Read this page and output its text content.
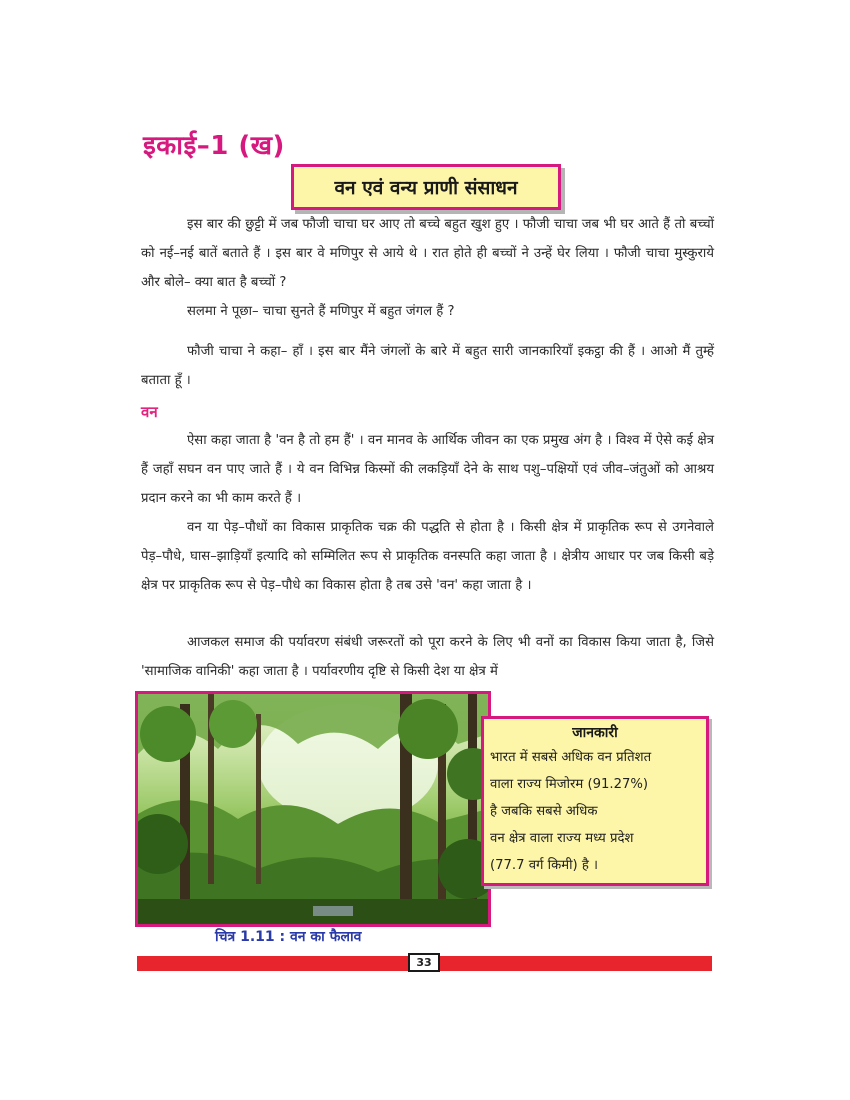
इकाई–1 (ख)
वन एवं वन्य प्राणी संसाधन

इस बार की छुट्टी में जब फौजी चाचा घर आए तो बच्चे बहुत खुश हुए । फौजी चाचा जब भी घर आते हैं तो बच्चों को नई–नई बातें बताते हैं । इस बार वे मणिपुर से आये थे । रात होते ही बच्चों ने उन्हें घेर लिया । फौजी चाचा मुस्कुराये और बोले– क्या बात है बच्चों ?

सलमा ने पूछा– चाचा सुनते हैं मणिपुर में बहुत जंगल हैं ?

फौजी चाचा ने कहा– हाँ । इस बार मैंने जंगलों के बारे में बहुत सारी जानकारियाँ इकट्ठा की हैं । आओ मैं तुम्हें बताता हूँ ।

वन

ऐसा कहा जाता है 'वन है तो हम हैं' । वन मानव के आर्थिक जीवन का एक प्रमुख अंग है । विश्व में ऐसे कई क्षेत्र हैं जहाँ सघन वन पाए जाते हैं । ये वन विभिन्न किस्मों की लकड़ियाँ देने के साथ पशु–पक्षियों एवं जीव–जंतुओं को आश्रय प्रदान करने का भी काम करते हैं ।

वन या पेड़–पौधों का विकास प्राकृतिक चक्र की पद्धति से होता है । किसी क्षेत्र में प्राकृतिक रूप से उगनेवाले पेड़–पौधे, घास–झाड़ियाँ इत्यादि को सम्मिलित रूप से प्राकृतिक वनस्पति कहा जाता है । क्षेत्रीय आधार पर जब किसी बड़े क्षेत्र पर प्राकृतिक रूप से पेड़–पौधे का विकास होता है तब उसे 'वन' कहा जाता है ।

आजकल समाज की पर्यावरण संबंधी जरूरतों को पूरा करने के लिए भी वनों का विकास किया जाता है, जिसे 'सामाजिक वानिकी' कहा जाता है । पर्यावरणीय दृष्टि से किसी देश या क्षेत्र में

जानकारी
भारत में सबसे अधिक वन प्रतिशत
वाला राज्य मिजोरम (91.27%)
है जबकि सबसे अधिक
वन क्षेत्र वाला राज्य मध्य प्रदेश
(77.7 वर्ग किमी) है ।
चित्र 1.11 : वन का फैलाव
33
